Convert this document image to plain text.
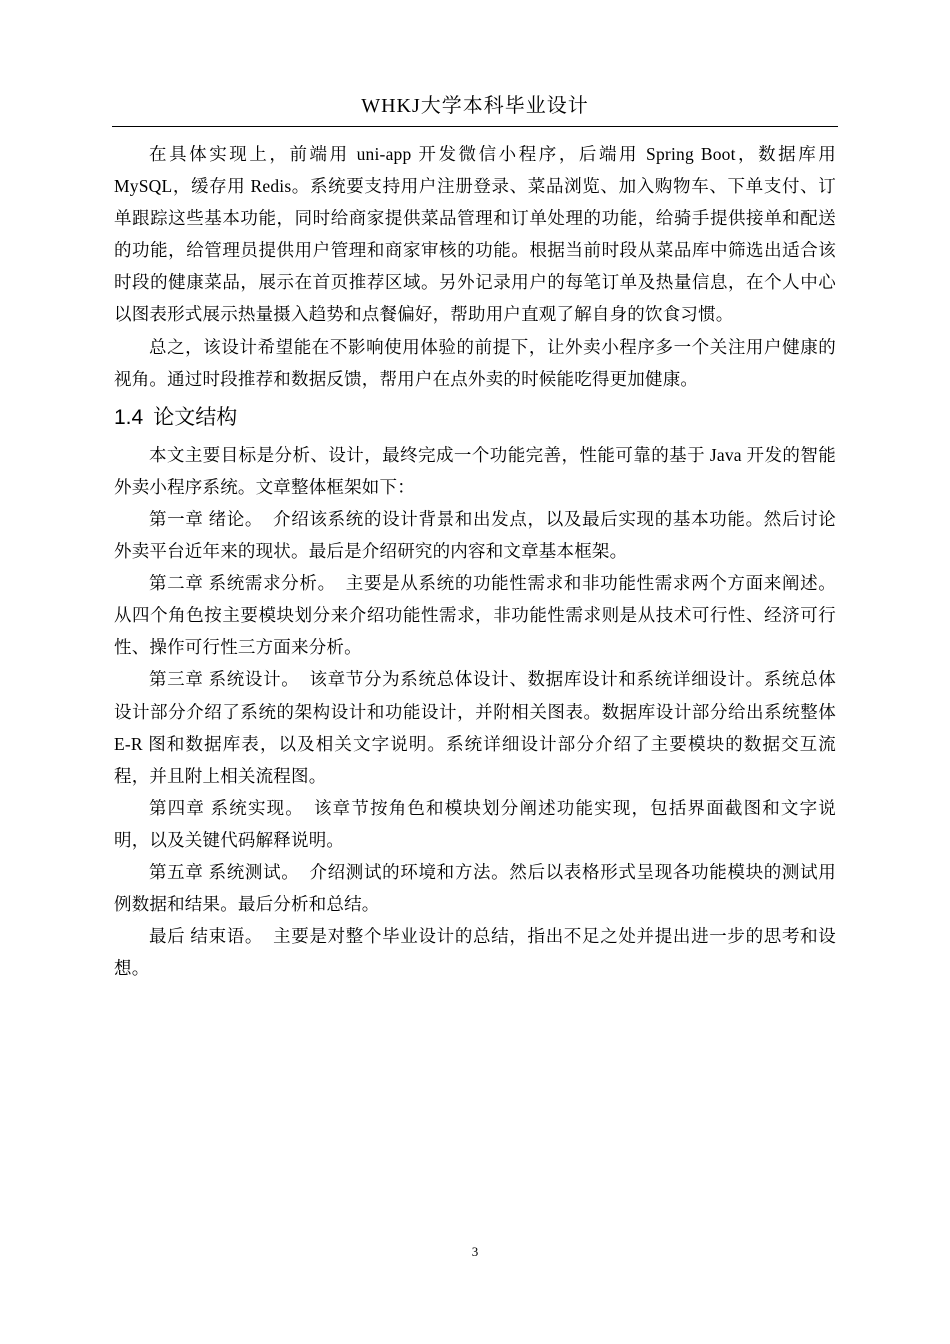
WHKJ大学本科毕业设计

在具体实现上，前端用 uni-app 开发微信小程序，后端用 Spring Boot，数据库用 MySQL，缓存用 Redis。系统要支持用户注册登录、菜品浏览、加入购物车、下单支付、订单跟踪这些基本功能，同时给商家提供菜品管理和订单处理的功能，给骑手提供接单和配送的功能，给管理员提供用户管理和商家审核的功能。根据当前时段从菜品库中筛选出适合该时段的健康菜品，展示在首页推荐区域。另外记录用户的每笔订单及热量信息，在个人中心以图表形式展示热量摄入趋势和点餐偏好，帮助用户直观了解自身的饮食习惯。

总之，该设计希望能在不影响使用体验的前提下，让外卖小程序多一个关注用户健康的视角。通过时段推荐和数据反馈，帮用户在点外卖的时候能吃得更加健康。

1.4 论文结构

本文主要目标是分析、设计，最终完成一个功能完善，性能可靠的基于 Java 开发的智能外卖小程序系统。文章整体框架如下：

第一章 绪论。 介绍该系统的设计背景和出发点，以及最后实现的基本功能。然后讨论外卖平台近年来的现状。最后是介绍研究的内容和文章基本框架。

第二章 系统需求分析。 主要是从系统的功能性需求和非功能性需求两个方面来阐述。从四个角色按主要模块划分来介绍功能性需求，非功能性需求则是从技术可行性、经济可行性、操作可行性三方面来分析。

第三章 系统设计。 该章节分为系统总体设计、数据库设计和系统详细设计。系统总体设计部分介绍了系统的架构设计和功能设计，并附相关图表。数据库设计部分给出系统整体 E-R 图和数据库表，以及相关文字说明。系统详细设计部分介绍了主要模块的数据交互流程，并且附上相关流程图。

第四章 系统实现。 该章节按角色和模块划分阐述功能实现，包括界面截图和文字说明，以及关键代码解释说明。

第五章 系统测试。 介绍测试的环境和方法。然后以表格形式呈现各功能模块的测试用例数据和结果。最后分析和总结。

最后 结束语。 主要是对整个毕业设计的总结，指出不足之处并提出进一步的思考和设想。

3
